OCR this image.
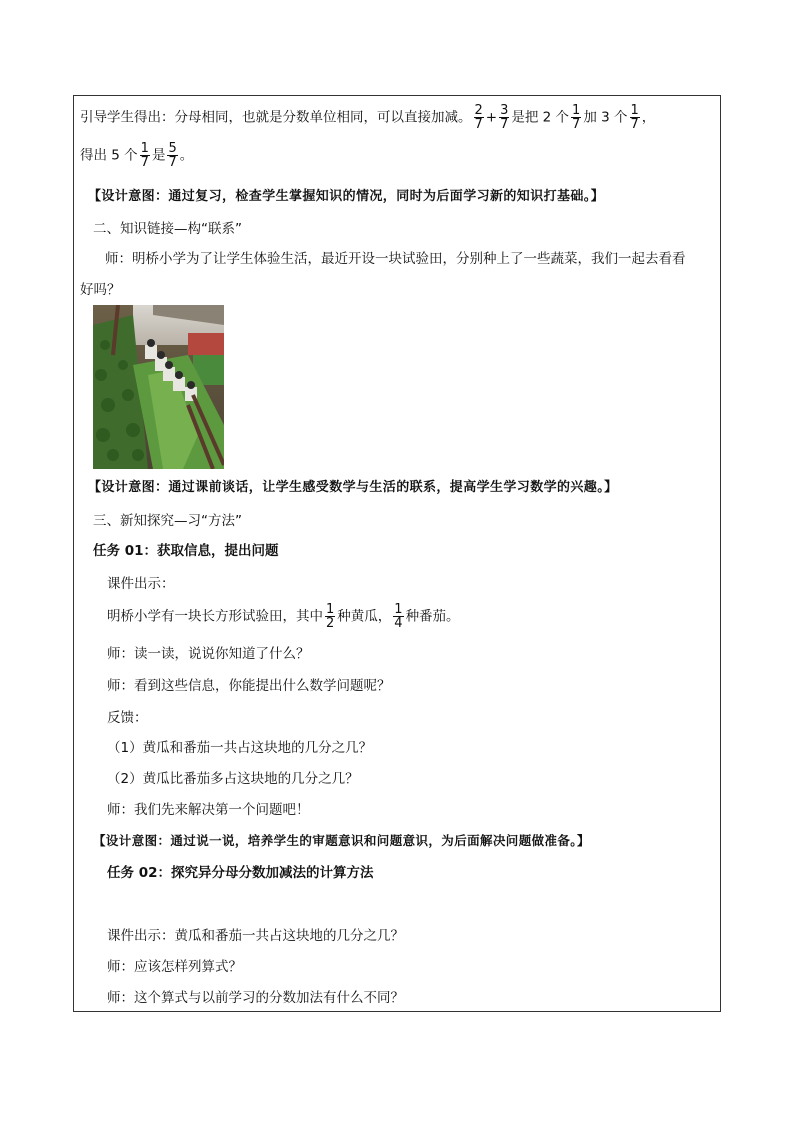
引导学生得出：分母相同，也就是分数单位相同，可以直接加减。 $\frac{2}{7} + \frac{3}{7}$ 是把 2 个 $\frac{1}{7}$ 加 3 个 $\frac{1}{7}$ ，
得出 5 个 $\frac{1}{7}$ 是 $\frac{5}{7}$ 。
【设计意图：通过复习，检查学生掌握知识的情况，同时为后面学习新的知识打基础。】
二、知识链接—构“联系”
师：明桥小学为了让学生体验生活，最近开设一块试验田，分别种上了一些蔬菜，我们一起去看看
好吗？
【设计意图：通过课前谈话，让学生感受数学与生活的联系，提高学生学习数学的兴趣。】
三、新知探究—习“方法”
任务 01：获取信息，提出问题
课件出示：
明桥小学有一块长方形试验田，其中 $\frac{1}{2}$ 种黄瓜， $\frac{1}{4}$ 种番茄。
师：读一读，说说你知道了什么？
师：看到这些信息，你能提出什么数学问题呢？
反馈：
（1）黄瓜和番茄一共占这块地的几分之几？
（2）黄瓜比番茄多占这块地的几分之几？
师：我们先来解决第一个问题吧！
【设计意图：通过说一说，培养学生的审题意识和问题意识，为后面解决问题做准备。】
任务 02：探究异分母分数加减法的计算方法
课件出示：黄瓜和番茄一共占这块地的几分之几？
师：应该怎样列算式？
师：这个算式与以前学习的分数加法有什么不同？
